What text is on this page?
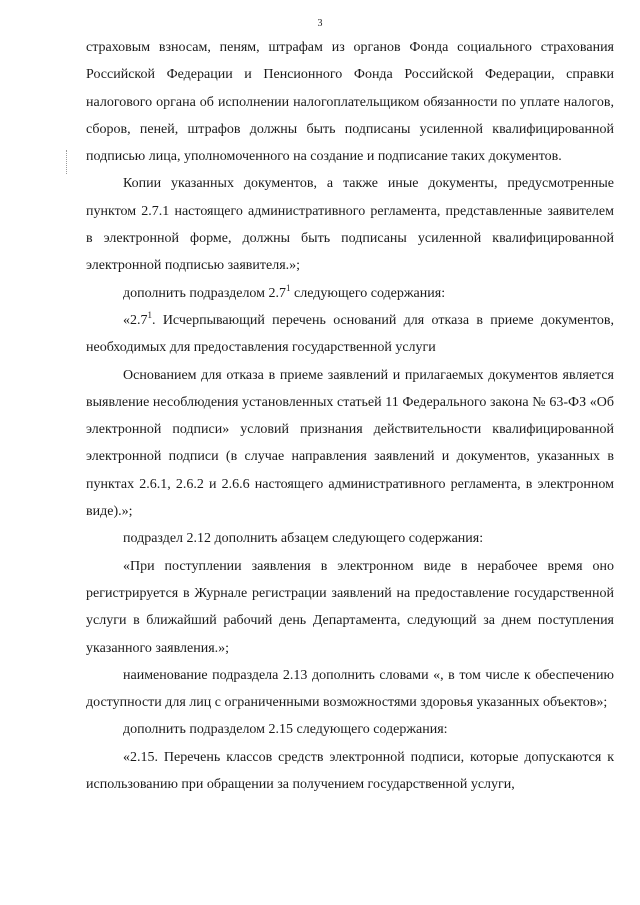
3

страховым взносам, пеням, штрафам из органов Фонда социального страхования Российской Федерации и Пенсионного Фонда Российской Федерации, справки налогового органа об исполнении налогоплательщиком обязанности по уплате налогов, сборов, пеней, штрафов должны быть подписаны усиленной квалифицированной подписью лица, уполномоченного на создание и подписание таких документов.

Копии указанных документов, а также иные документы, предусмотренные пунктом 2.7.1 настоящего административного регламента, представленные заявителем в электронной форме, должны быть подписаны усиленной квалифицированной электронной подписью заявителя.»;

дополнить подразделом $2.7^1$ следующего содержания:

«$2.7^1$. Исчерпывающий перечень оснований для отказа в приеме документов, необходимых для предоставления государственной услуги

Основанием для отказа в приеме заявлений и прилагаемых документов является выявление несоблюдения установленных статьей 11 Федерального закона № 63-ФЗ «Об электронной подписи» условий признания действительности квалифицированной электронной подписи (в случае направления заявлений и документов, указанных в пунктах 2.6.1, 2.6.2 и 2.6.6 настоящего административного регламента, в электронном виде).»;

подраздел 2.12 дополнить абзацем следующего содержания:

«При поступлении заявления в электронном виде в нерабочее время оно регистрируется в Журнале регистрации заявлений на предоставление государственной услуги в ближайший рабочий день Департамента, следующий за днем поступления указанного заявления.»;

наименование подраздела 2.13 дополнить словами «, в том числе к обеспечению доступности для лиц с ограниченными возможностями здоровья указанных объектов»;

дополнить подразделом 2.15 следующего содержания:

«2.15. Перечень классов средств электронной подписи, которые допускаются к использованию при обращении за получением государственной услуги,
